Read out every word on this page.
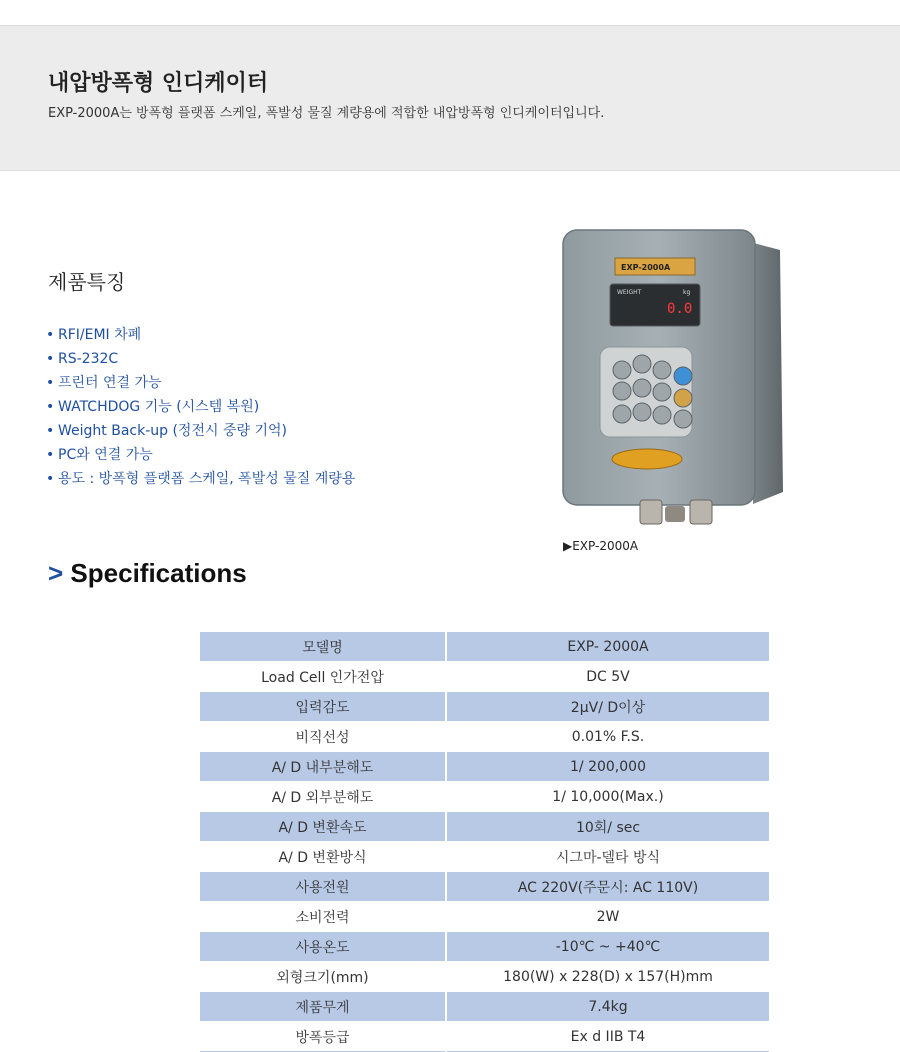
내압방폭형 인디케이터

EXP-2000A는 방폭형 플랫폼 스케일, 폭발성 물질 계량용에 적합한 내압방폭형 인디케이터입니다.

제품특징
• RFI/EMI 차폐
• RS-232C
• 프린터 연결 가능
• WATCHDOG 기능 (시스템 복원)
• Weight Back-up (정전시 중량 기억)
• PC와 연결 가능
• 용도 : 방폭형 플랫폼 스케일, 폭발성 물질 계량용
EXP-2000A
WEIGHT	kg
0.0
▶EXP-2000A
> Specifications
모델명	EXP- 2000A
Load Cell 인가전압	DC 5V
입력감도	2μV/ D이상
비직선성	0.01% F.S.
A/ D 내부분해도	1/ 200,000
A/ D 외부분해도	1/ 10,000(Max.)
A/ D 변환속도	10회/ sec
A/ D 변환방식	시그마-델타 방식
사용전원	AC 220V(주문시: AC 110V)
소비전력	2W
사용온도	-10℃ ~ +40℃
외형크기(mm)	180(W) x 228(D) x 157(H)mm
제품무게	7.4kg
방폭등급	Ex d IIB T4
